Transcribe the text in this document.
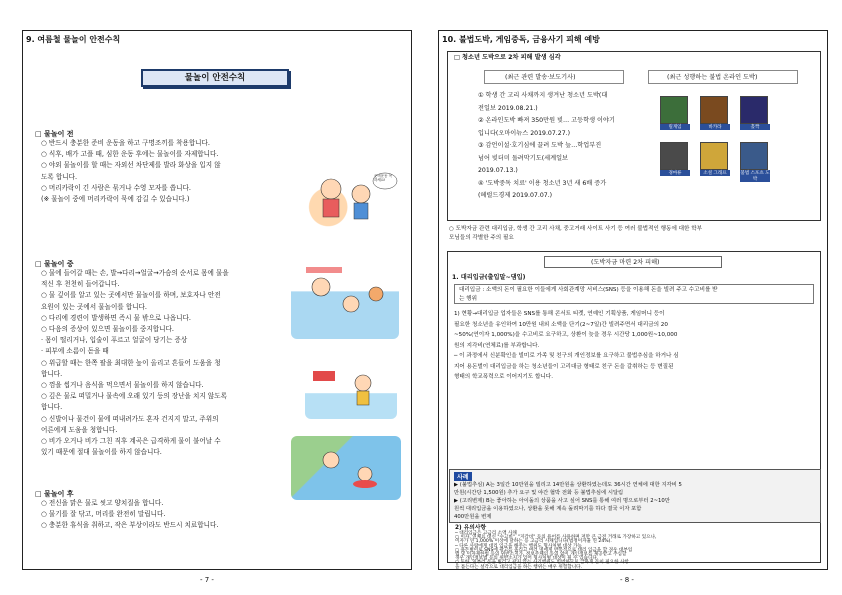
9. 여름철 물놀이 안전수칙
물놀이 안전수칙
□ 물놀이 전
○ 반드시 충분한 준비 운동을 하고 구명조끼를 착용합니다.
○ 식후, 배가 고플 때, 심한 운동 후에는 물놀이를 자제합니다.
○ 야외 물놀이를 할 때는 자외선 차단제를 발라 화상을 입지 않
도록 합니다.
○ 머리카락이 긴 사람은 묶거나 수영 모자를 씁니다.
(※ 물놀이 중에 머리카락이 묵에 감길 수 있습니다.)
□ 물놀이 중
○ 물에 들어갈 때는 손, 발→다리→얼굴→가슴의 순서로 몸에 물을
적신 후 천천히 들어갑니다.
○ 물 깊이를 알고 있는 곳에서만 물놀이를 하며, 보호자나 안전
요원이 있는 곳에서 물놀이를 합니다.
○ 다리에 경련이 발생하면 즉시 물 밖으로 나옵니다.
○ 다음의 증상이 있으면 물놀이를 중지합니다.
· 몸이 떨리거나, 입술이 푸르고 얼굴이 당기는 증상
· 피부에 소름이 돋을 때
○ 위급할 때는 한쪽 팔을 최대한 높이 올리고 흔들어 도움을 청
합니다.
○ 껌을 씹거나 음식을 먹으면서 물놀이를 하지 않습니다.
○ 깊은 물로 떠밀거나 물속에 오래 있기 등의 장난을 치지 않도록
합니다.
○ 신발이나 물건이 물에 떠내려가도 혼자 건지지 말고, 주위의
어른에게 도움을 청합니다.
○ 비가 오거나 비가 그친 직후 계곡은 급격하게 물이 불어날 수
있기 때문에 절대 물놀이를 하지 않습니다.
□ 물놀이 후
○ 전신을 맑은 물로 씻고 양치질을 합니다.
○ 물기를 잘 닦고, 머리를 완전히 말립니다.
○ 충분한 휴식을 취하고, 작은 부상이라도 반드시 치료합니다.
준비운동 꼭 하세요!
- 7 -
10. 불법도박, 게임중독, 금융사기 피해 예방
□ 청소년 도박으로 2차 피해 발생 심각
(최근 관련 발송·보도기사)	(최근 성행하는 불법 온라인 도박)
① 학생 간 고리 사채까지 생겨난 청소년 도박(대
전일보 2019.08.21.)
② 온라인도박 빠져 350만원 빚… 고등학생 이야기
입니다(오마이뉴스 2019.07.27.)
③ 감언이설·호기심에 끌려 도박 늪…학업부진
넘어 빚더미 돌려막기도(세계일보
2019.07.13.)
④ '도박중독 치료' 이용 청소년 3년 새 6배 증가
(헤럴드경제 2019.07.07.)
릴게임	바카라	홀짝
경마류	소셜 그래프	불법 스포츠 도박
○ 도박자금 관련 대리입금, 학생 간 고리 사채, 중고거래 사이트 사기 등 여러 불법적인 행동에 대한 학부
모님들의 각별한 주의 필요
(도박자금 마련 2차 피해)
1. 대리입금(출입말~댐입)
대리입금 : 소액의 돈이 필요한 이들에게 사회관계망 서비스(SNS) 등을 이용해 돈을 빌려 주고 수고비를 받
는 행위
1) 현황→대리입금 업자들은 SNS를 통해 콘서트 티켓, 연예인 기획상품, 게임머니 등이
필요한 청소년을 유인하여 10만원 내외 소액을 단기(2~7일)간 빌려주면서 대리금의 20
~50%(연이자 1,000%)을 수고비로 요구하고, 상환이 늦을 경우 시간당 1,000원~10,000
원의 지각비(연체료)를 부과합니다.
─ 이 과정에서 신분확인을 빌미로 가족 및 친구의 개인정보를 요구하고 불법추심을 하거나 심
지어 용돈벌이 대리입금을 하는 청소년들이 고리대금 형태로 친구 돈을 갈취하는 등 변질된
형태의 학교폭력으로 이어지기도 합니다.
사례
▶ (불법추심) A는 3일간 10만원을 빌리고 14만원을 상환하였는데도 36시간 연체에 대한 지각비 5
만원(시간당 1,500원) 추가 요구 및 야간 협박 전화 등 불법추심에 시달림
▶ (고리변제) B는 좋아하는 아이돌의 상품을 사고 싶어 SNS를 통해 여러 명으로부터 2~10만
원씩 대리입금을 이용하였으나, 상환을 못해 계속 돌려막기를 하다 결국 이자 포함
400만원을 변제
2) 유의사항
─ 대리입금은 고금리 소액 사채
○ 이자, 연체료 대신 "수고비", "지각비" 등의 용어를 사용하며 저만 큰 금전 거래로 가장하고 있으나,
이자가 연 1,000% 이상에 달하는 등 고금리 사채입니다(법정이자율 연 24%).
─ 다른 사람에게 대리 입금을 해주는 행위도 형사처벌 대상 가능
○ 용돈벌이로 SNS에 광고를 올리고 여러 명에게 반복적으로 대리 입금을 할 경우 대부업
법 및 이자제한법 등의 위반소지가, 정보주체의 동의 없이 개인정보를 제공받고 추심할
경우 개인정보법 등의 위반소지가 있어 형사처벌 대상이 될 수 있습니다.
○ 또한, 일부러 돈을 빌리고 갚지 않는 사기행위도 빈번하므로 급하게 돈이 필요한 사항
을 틀는다는 설각으로 대리입금을 하는 행위는 매우 위험합니다.
- 8 -
